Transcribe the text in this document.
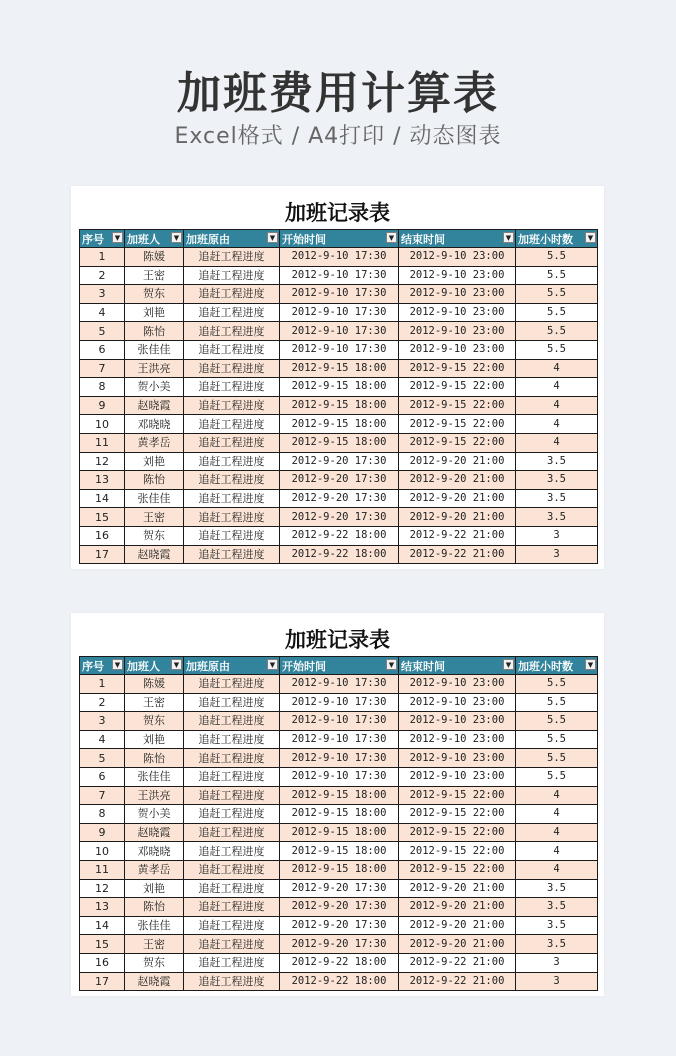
加班费用计算表
Excel格式 / A4打印 / 动态图表
加班记录表
序号 ▼	加班人 ▼	加班原由 ▼	开始时间 ▼	结束时间 ▼	加班小时数 ▼

1	陈媛	追赶工程进度	2012-9-10 17:30	2012-9-10 23:00	5.5
2	王密	追赶工程进度	2012-9-10 17:30	2012-9-10 23:00	5.5
3	贺东	追赶工程进度	2012-9-10 17:30	2012-9-10 23:00	5.5
4	刘艳	追赶工程进度	2012-9-10 17:30	2012-9-10 23:00	5.5
5	陈怡	追赶工程进度	2012-9-10 17:30	2012-9-10 23:00	5.5
6	张佳佳	追赶工程进度	2012-9-10 17:30	2012-9-10 23:00	5.5
7	王洪亮	追赶工程进度	2012-9-15 18:00	2012-9-15 22:00	4
8	贺小美	追赶工程进度	2012-9-15 18:00	2012-9-15 22:00	4
9	赵晓霞	追赶工程进度	2012-9-15 18:00	2012-9-15 22:00	4
10	邓晓晓	追赶工程进度	2012-9-15 18:00	2012-9-15 22:00	4
11	黄孝岳	追赶工程进度	2012-9-15 18:00	2012-9-15 22:00	4
12	刘艳	追赶工程进度	2012-9-20 17:30	2012-9-20 21:00	3.5
13	陈怡	追赶工程进度	2012-9-20 17:30	2012-9-20 21:00	3.5
14	张佳佳	追赶工程进度	2012-9-20 17:30	2012-9-20 21:00	3.5
15	王密	追赶工程进度	2012-9-20 17:30	2012-9-20 21:00	3.5
16	贺东	追赶工程进度	2012-9-22 18:00	2012-9-22 21:00	3
17	赵晓霞	追赶工程进度	2012-9-22 18:00	2012-9-22 21:00	3
加班记录表
序号 ▼	加班人 ▼	加班原由 ▼	开始时间 ▼	结束时间 ▼	加班小时数 ▼

1	陈媛	追赶工程进度	2012-9-10 17:30	2012-9-10 23:00	5.5
2	王密	追赶工程进度	2012-9-10 17:30	2012-9-10 23:00	5.5
3	贺东	追赶工程进度	2012-9-10 17:30	2012-9-10 23:00	5.5
4	刘艳	追赶工程进度	2012-9-10 17:30	2012-9-10 23:00	5.5
5	陈怡	追赶工程进度	2012-9-10 17:30	2012-9-10 23:00	5.5
6	张佳佳	追赶工程进度	2012-9-10 17:30	2012-9-10 23:00	5.5
7	王洪亮	追赶工程进度	2012-9-15 18:00	2012-9-15 22:00	4
8	贺小美	追赶工程进度	2012-9-15 18:00	2012-9-15 22:00	4
9	赵晓霞	追赶工程进度	2012-9-15 18:00	2012-9-15 22:00	4
10	邓晓晓	追赶工程进度	2012-9-15 18:00	2012-9-15 22:00	4
11	黄孝岳	追赶工程进度	2012-9-15 18:00	2012-9-15 22:00	4
12	刘艳	追赶工程进度	2012-9-20 17:30	2012-9-20 21:00	3.5
13	陈怡	追赶工程进度	2012-9-20 17:30	2012-9-20 21:00	3.5
14	张佳佳	追赶工程进度	2012-9-20 17:30	2012-9-20 21:00	3.5
15	王密	追赶工程进度	2012-9-20 17:30	2012-9-20 21:00	3.5
16	贺东	追赶工程进度	2012-9-22 18:00	2012-9-22 21:00	3
17	赵晓霞	追赶工程进度	2012-9-22 18:00	2012-9-22 21:00	3
